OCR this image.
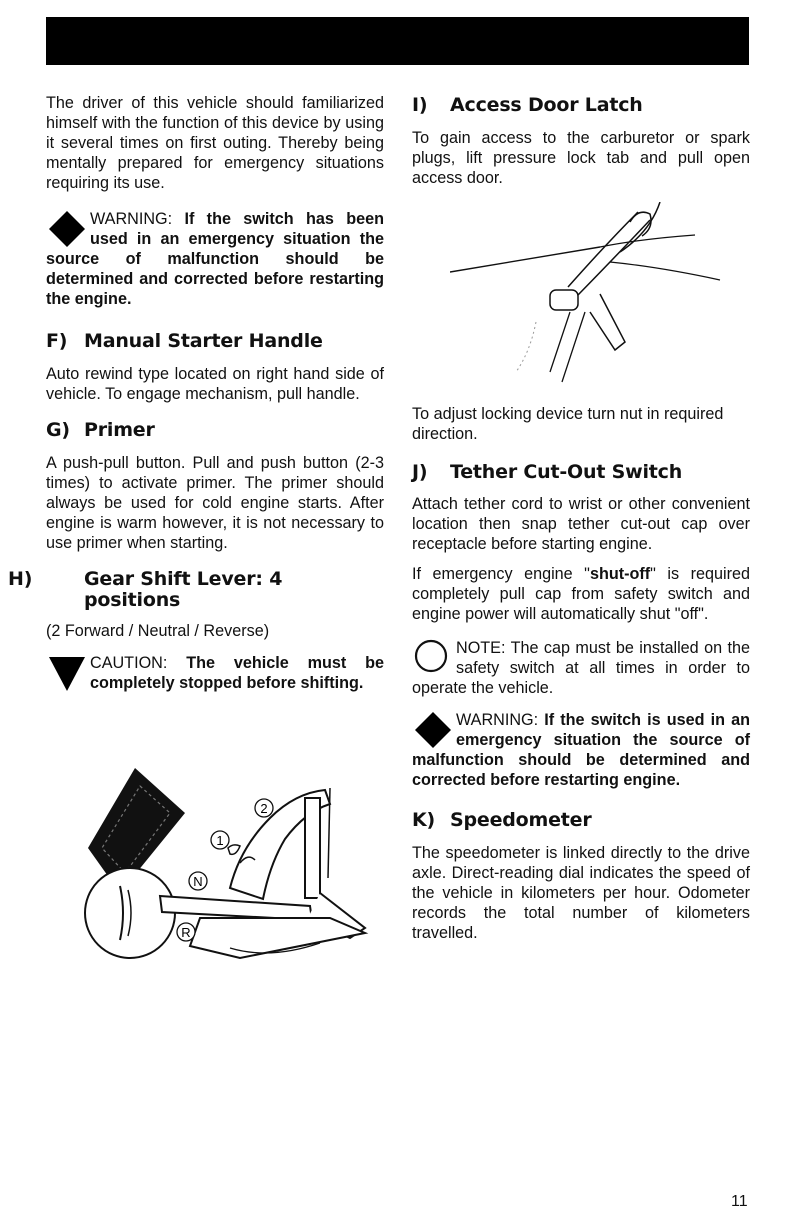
The driver of this vehicle should familiarized himself with the function of this device by using it several times on first outing. Thereby being mentally prepared for emergency situations requiring its use.

WARNING: If the switch has been used in an emergency situation the source of malfunction should be determined and corrected before restarting the engine.

F) Manual Starter Handle

Auto rewind type located on right hand side of vehicle. To engage mechanism, pull handle.

G) Primer

A push-pull button. Pull and push button (2-3 times) to activate primer. The primer should always be used for cold engine starts. After engine is warm however, it is not necessary to use primer when starting.

H)	Gear Shift Lever: 4 positions

(2 Forward / Neutral / Reverse)

CAUTION: The vehicle must be completely stopped before shifting.

2
1
N
R
I) Access Door Latch

To gain access to the carburetor or spark plugs, lift pressure lock tab and pull open access door.

To adjust locking device turn nut in required direction.

J) Tether Cut-Out Switch

Attach tether cord to wrist or other convenient location then snap tether cut-out cap over receptacle before starting engine.

If emergency engine "shut-off" is required completely pull cap from safety switch and engine power will automatically shut "off".

NOTE: The cap must be installed on the safety switch at all times in order to operate the vehicle.

WARNING: If the switch is used in an emergency situation the source of malfunction should be determined and corrected before restarting engine.

K) Speedometer

The speedometer is linked directly to the drive axle. Direct-reading dial indicates the speed of the vehicle in kilometers per hour. Odometer records the total number of kilometers travelled.

11
